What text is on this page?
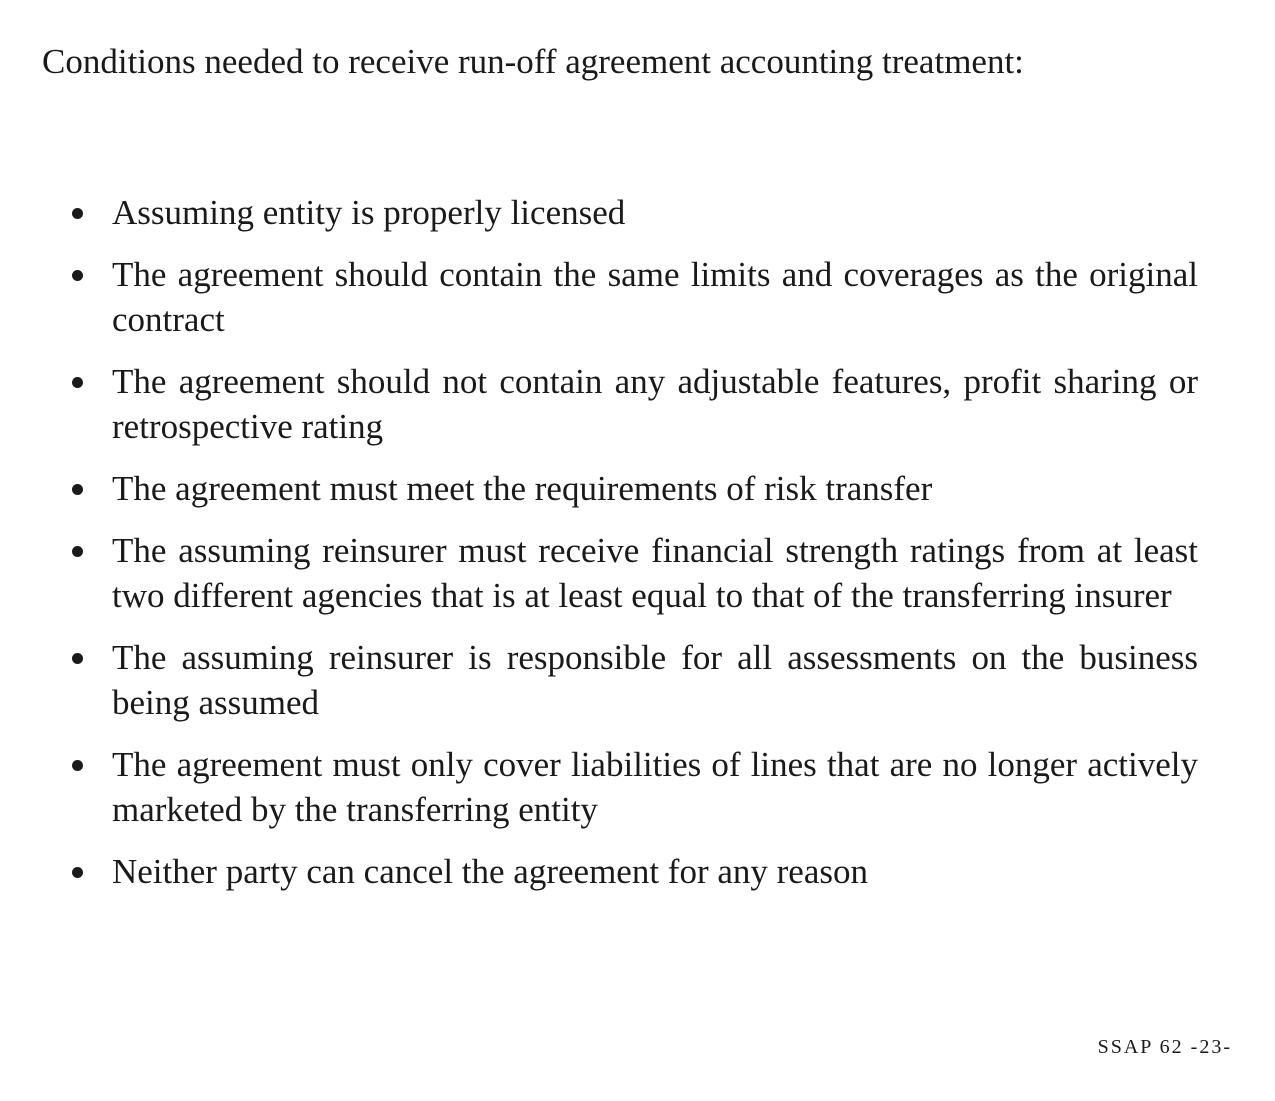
Conditions needed to receive run-off agreement accounting treatment:
Assuming entity is properly licensed
The agreement should contain the same limits and coverages as the original contract
The agreement should not contain any adjustable features, profit sharing or retrospective rating
The agreement must meet the requirements of risk transfer
The assuming reinsurer must receive financial strength ratings from at least two different agencies that is at least equal to that of the transferring insurer
The assuming reinsurer is responsible for all assessments on the business being assumed
The agreement must only cover liabilities of lines that are no longer actively marketed by the transferring entity
Neither party can cancel the agreement for any reason
SSAP 62 -23-
